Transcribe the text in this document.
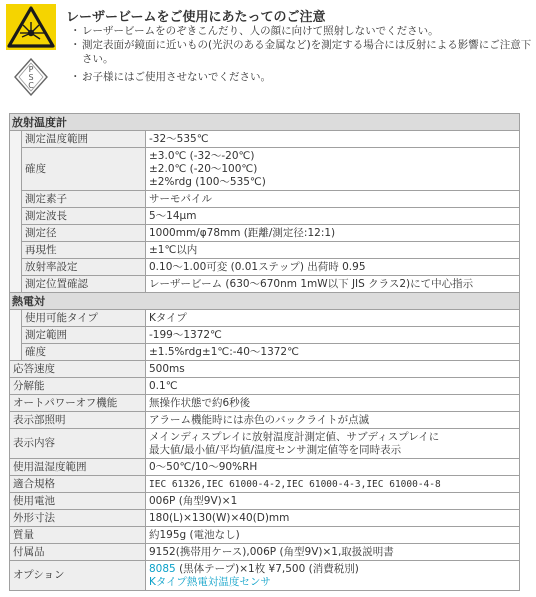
P
S
C
レーザービームをご使用にあたってのご注意
・ レーザービームをのぞきこんだり、人の顔に向けて照射しないでください。
・ 測定表面が鏡面に近いもの(光沢のある金属など)を測定する場合には反射による影響にご注意下さい。
・ お子様にはご使用させないでください。
放射温度計		
	測定温度範囲	-32～535℃
	確度	±3.0℃ (-32～-20℃)
±2.0℃ (-20～100℃)
±2%rdg (100～535℃)

	測定素子	サーモパイル
	測定波長	5～14μm
	測定径	1000mm/φ78mm (距離/測定径:12:1)
	再現性	±1℃以内
	放射率設定	0.10～1.00可変 (0.01ステップ) 出荷時 0.95
	測定位置確認	レーザービーム (630～670nm 1mW以下 JIS クラス2)にて中心指示
熱電対		
	使用可能タイプ	Kタイプ
	測定範囲	-199～1372℃
	確度	±1.5%rdg±1℃:-40～1372℃
応答速度		500ms
分解能		0.1℃
オートパワーオフ機能		無操作状態で約6秒後
表示部照明		アラーム機能時には赤色のバックライトが点滅
表示内容		メインディスプレイに放射温度計測定値、サブディスプレイに
最大値/最小値/平均値/温度センサ測定値等を同時表示

使用温湿度範囲		0～50℃/10～90%RH
適合規格		IEC 61326,IEC 61000-4-2,IEC 61000-4-3,IEC 61000-4-8
使用電池		006P (角型9V)×1
外形寸法		180(L)×130(W)×40(D)mm
質量		約195g (電池なし)
付属品		9152(携帯用ケース),006P (角型9V)×1,取扱説明書
オプション		8085 (黒体テープ)×1枚 ¥7,500 (消費税別)
Kタイプ熱電対温度センサ
